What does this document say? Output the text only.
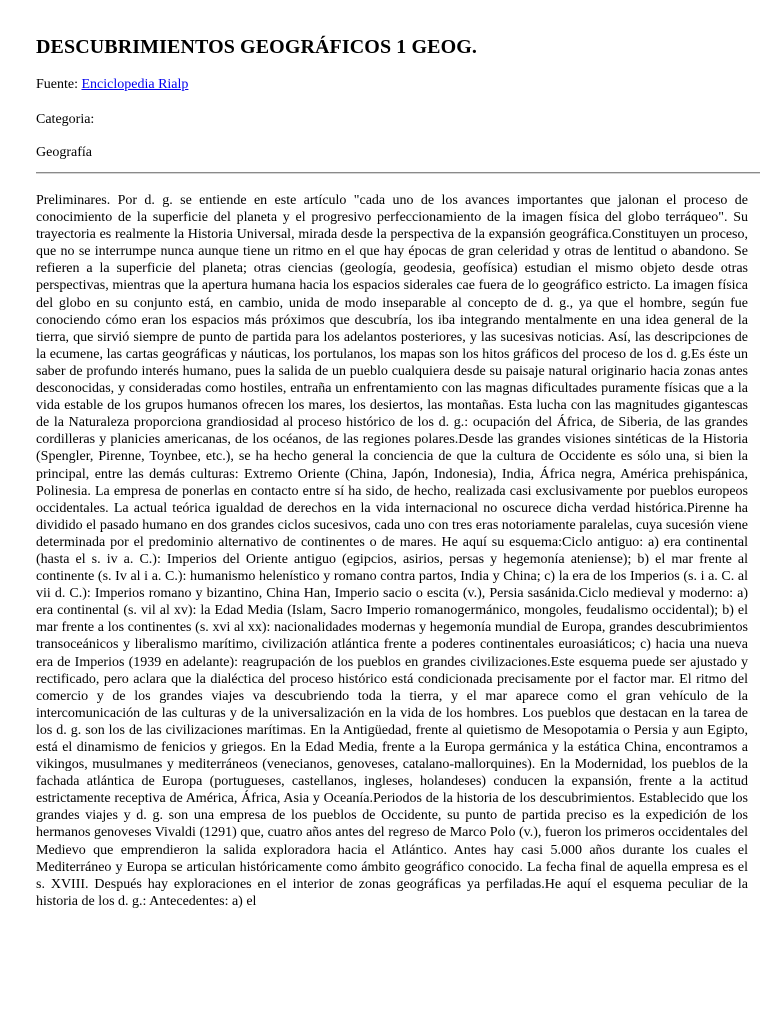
DESCUBRIMIENTOS GEOGRÁFICOS 1 GEOG.

Fuente: Enciclopedia Rialp

Categoria:

Geografía

Preliminares. Por d. g. se entiende en este artículo "cada uno de los avances importantes que jalonan el proceso de conocimiento de la superficie del planeta y el progresivo perfeccionamiento de la imagen física del globo terráqueo". Su trayectoria es realmente la Historia Universal, mirada desde la perspectiva de la expansión geográfica.Constituyen un proceso, que no se interrumpe nunca aunque tiene un ritmo en el que hay épocas de gran celeridad y otras de lentitud o abandono. Se refieren a la superficie del planeta; otras ciencias (geología, geodesia, geofísica) estudian el mismo objeto desde otras perspectivas, mientras que la apertura humana hacia los espacios siderales cae fuera de lo geográfico estricto. La imagen física del globo en su conjunto está, en cambio, unida de modo inseparable al concepto de d. g., ya que el hombre, según fue conociendo cómo eran los espacios más próximos que descubría, los iba integrando mentalmente en una idea general de la tierra, que sirvió siempre de punto de partida para los adelantos posteriores, y las sucesivas noticias. Así, las descripciones de la ecumene, las cartas geográficas y náuticas, los portulanos, los mapas son los hitos gráficos del proceso de los d. g.Es éste un saber de profundo interés humano, pues la salida de un pueblo cualquiera desde su paisaje natural originario hacia zonas antes desconocidas, y consideradas como hostiles, entraña un enfrentamiento con las magnas dificultades puramente físicas que a la vida estable de los grupos humanos ofrecen los mares, los desiertos, las montañas. Esta lucha con las magnitudes gigantescas de la Naturaleza proporciona grandiosidad al proceso histórico de los d. g.: ocupación del África, de Siberia, de las grandes cordilleras y planicies americanas, de los océanos, de las regiones polares.Desde las grandes visiones sintéticas de la Historia (Spengler, Pirenne, Toynbee, etc.), se ha hecho general la conciencia de que la cultura de Occidente es sólo una, si bien la principal, entre las demás culturas: Extremo Oriente (China, Japón, Indonesia), India, África negra, América prehispánica, Polinesia. La empresa de ponerlas en contacto entre sí ha sido, de hecho, realizada casi exclusivamente por pueblos europeos occidentales. La actual teórica igualdad de derechos en la vida internacional no oscurece dicha verdad histórica.Pirenne ha dividido el pasado humano en dos grandes ciclos sucesivos, cada uno con tres eras notoriamente paralelas, cuya sucesión viene determinada por el predominio alternativo de continentes o de mares. He aquí su esquema:Ciclo antiguo: a) era continental (hasta el s. iv a. C.): Imperios del Oriente antiguo (egipcios, asirios, persas y hegemonía ateniense); b) el mar frente al continente (s. Iv al i a. C.): humanismo helenístico y romano contra partos, India y China; c) la era de los Imperios (s. i a. C. al vii d. C.): Imperios romano y bizantino, China Han, Imperio sacio o escita (v.), Persia sasánida.Ciclo medieval y moderno: a) era continental (s. vil al xv): la Edad Media (Islam, Sacro Imperio romanogermánico, mongoles, feudalismo occidental); b) el mar frente a los continentes (s. xvi al xx): nacionalidades modernas y hegemonía mundial de Europa, grandes descubrimientos transoceánicos y liberalismo marítimo, civilización atlántica frente a poderes continentales euroasiáticos; c) hacia una nueva era de Imperios (1939 en adelante): reagrupación de los pueblos en grandes civilizaciones.Este esquema puede ser ajustado y rectificado, pero aclara que la dialéctica del proceso histórico está condicionada precisamente por el factor mar. El ritmo del comercio y de los grandes viajes va descubriendo toda la tierra, y el mar aparece como el gran vehículo de la intercomunicación de las culturas y de la universalización en la vida de los hombres. Los pueblos que destacan en la tarea de los d. g. son los de las civilizaciones marítimas. En la Antigüedad, frente al quietismo de Mesopotamia o Persia y aun Egipto, está el dinamismo de fenicios y griegos. En la Edad Media, frente a la Europa germánica y la estática China, encontramos a vikingos, musulmanes y mediterráneos (venecianos, genoveses, catalano-mallorquines). En la Modernidad, los pueblos de la fachada atlántica de Europa (portugueses, castellanos, ingleses, holandeses) conducen la expansión, frente a la actitud estrictamente receptiva de América, África, Asia y Oceanía.Periodos de la historia de los descubrimientos. Establecido que los grandes viajes y d. g. son una empresa de los pueblos de Occidente, su punto de partida preciso es la expedición de los hermanos genoveses Vivaldi (1291) que, cuatro años antes del regreso de Marco Polo (v.), fueron los primeros occidentales del Medievo que emprendieron la salida exploradora hacia el Atlántico. Antes hay casi 5.000 años durante los cuales el Mediterráneo y Europa se articulan históricamente como ámbito geográfico conocido. La fecha final de aquella empresa es el s. XVIII. Después hay exploraciones en el interior de zonas geográficas ya perfiladas.He aquí el esquema peculiar de la historia de los d. g.: Antecedentes: a) el
